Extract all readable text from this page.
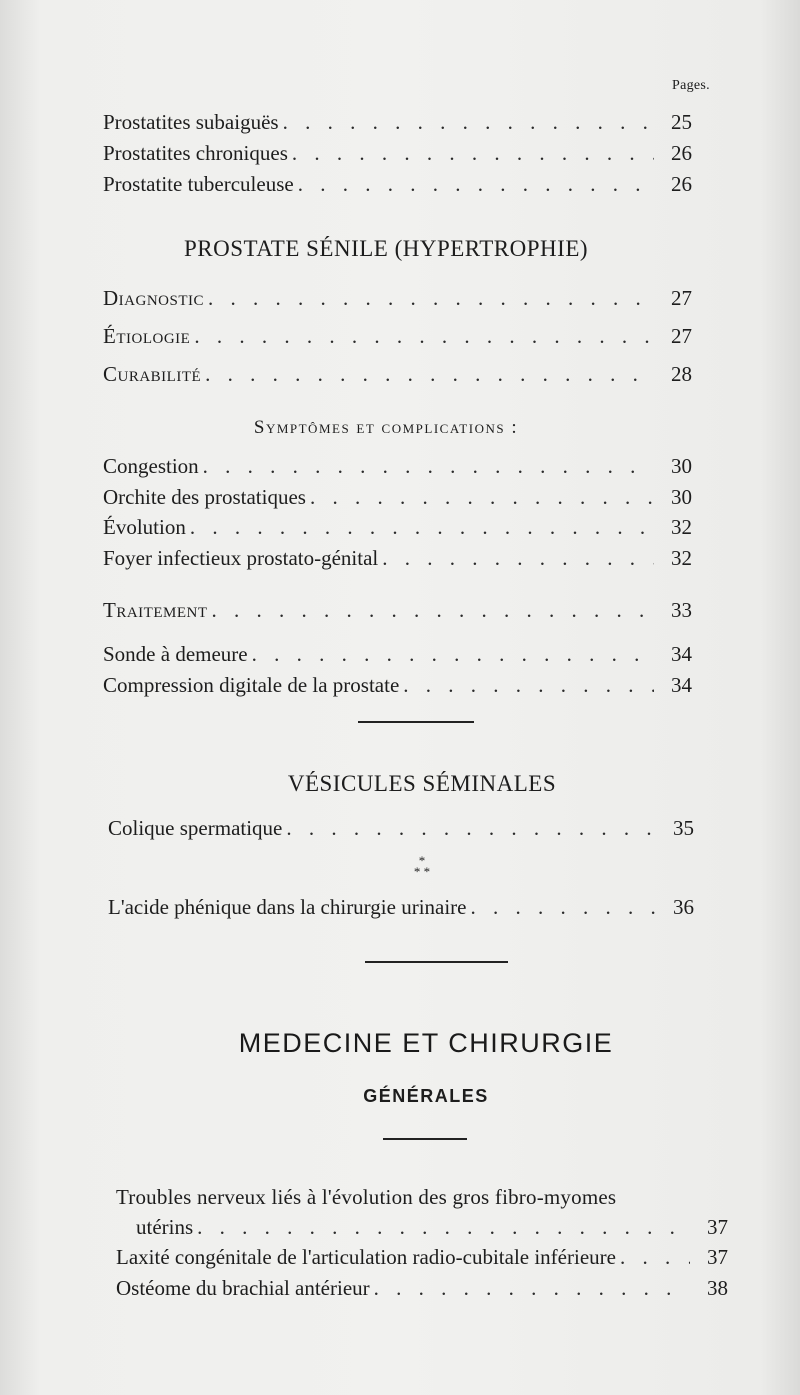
Pages.
Prostatites subaiguës . . .	25
Prostatites chroniques . . .	26
Prostatite tuberculeuse . . .	26
PROSTATE SÉNILE (HYPERTROPHIE)
Diagnostic . . .	27
Étiologie . . .	27
Curabilité . . .	28
Symptômes et complications :
Congestion . . .	30
Orchite des prostatiques . . .	30
Évolution . . .	32
Foyer infectieux prostato-génital . . .	32
Traitement . . .	33
Sonde à demeure . . .	34
Compression digitale de la prostate . . .	34
VÉSICULES SÉMINALES
Colique spermatique . . .	35
*
* *
L'acide phénique dans la chirurgie urinaire . . .	36
MEDECINE ET CHIRURGIE
GÉNÉRALES
Troubles nerveux liés à l'évolution des gros fibro-myomes
utérins . . .	37
Laxité congénitale de l'articulation radio-cubitale inférieure . . .	37
Ostéome du brachial antérieur . . .	38
